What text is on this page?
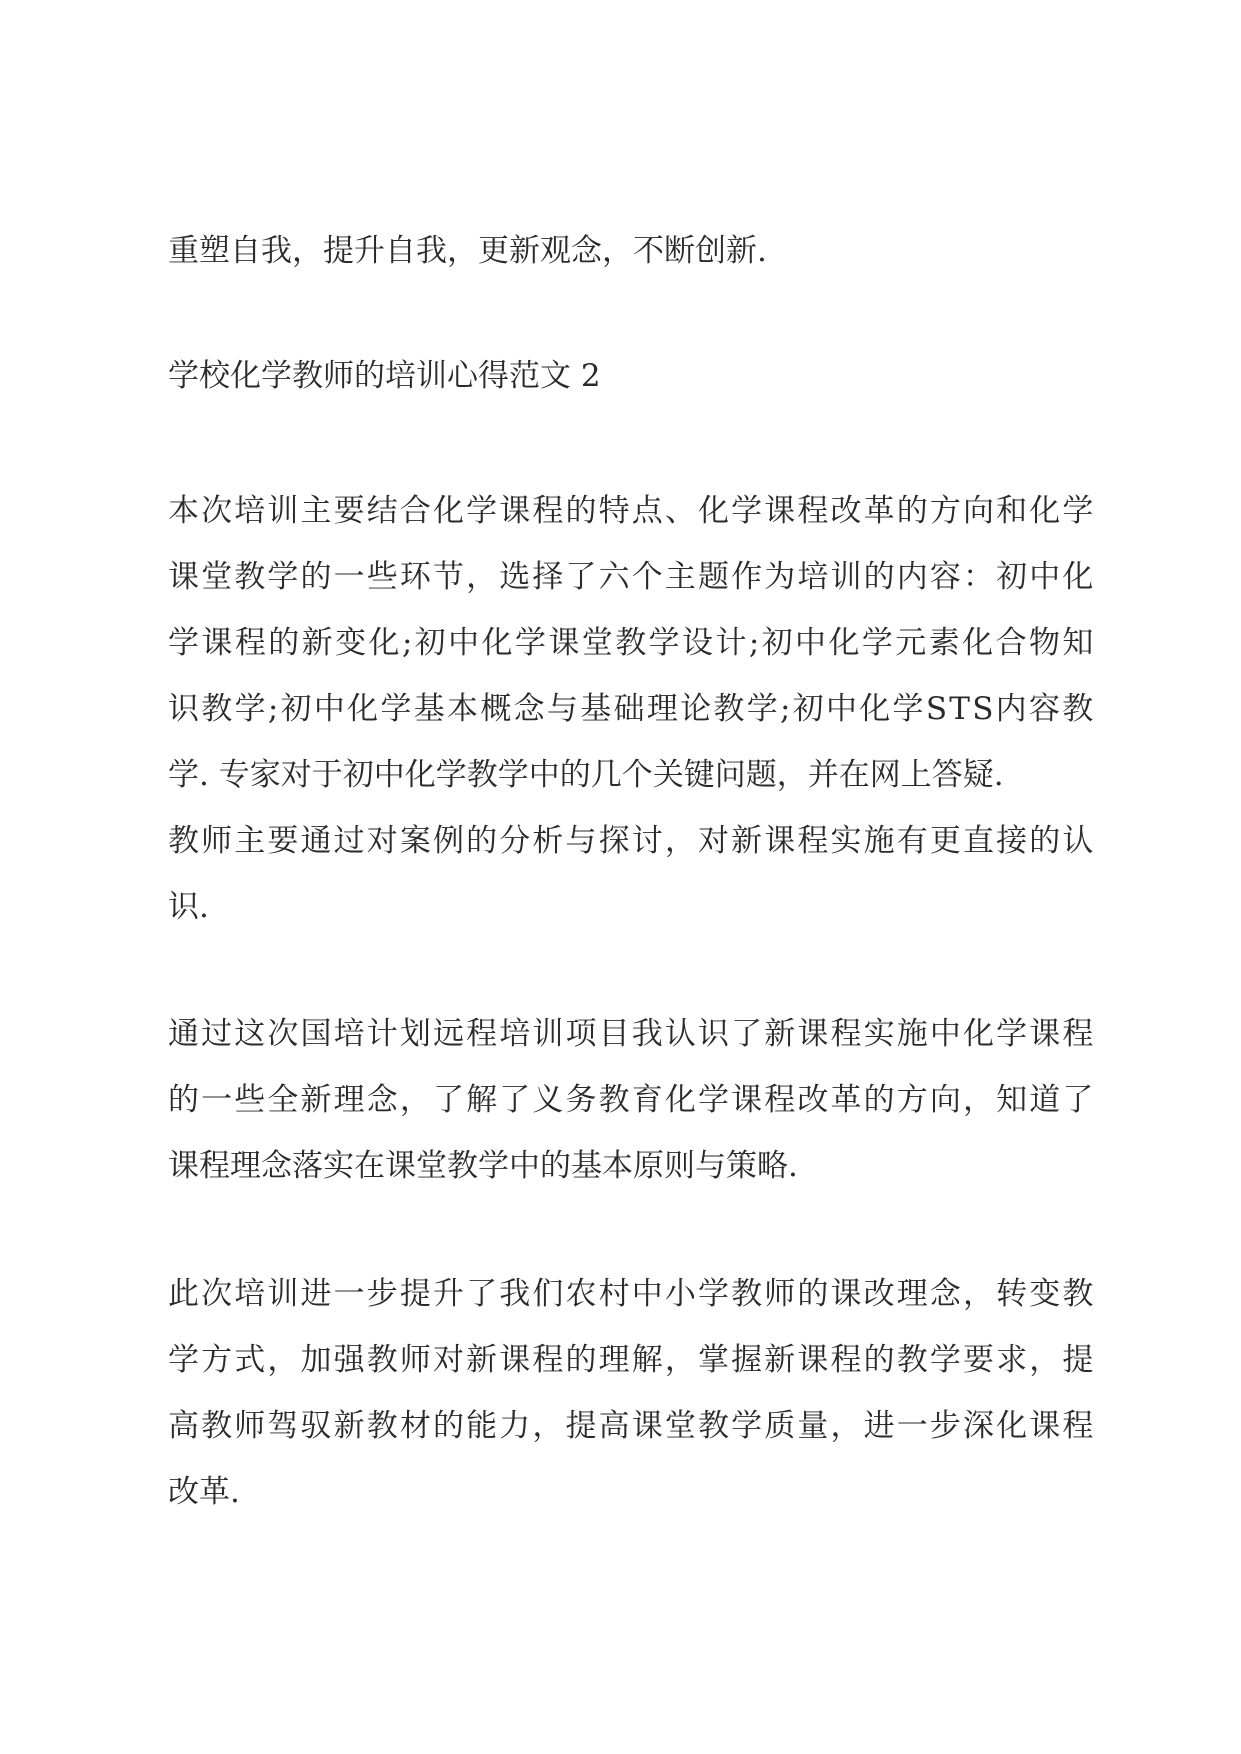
重塑自我，提升自我，更新观念，不断创新.

学校化学教师的培训心得范文 2

本 次 培 训 主 要 结 合 化 学 课 程 的 特 点 、 化 学 课 程 改 革 的 方 向 和 化 学
课 堂 教 学 的 一 些 环 节 ， 选 择 了 六 个 主 题 作 为 培 训 的 内 容 ： 初 中 化
学 课 程 的 新 变 化 ; 初 中 化 学 课 堂 教 学 设 计 ; 初 中 化 学 元 素 化 合 物 知
识 教 学 ; 初 中 化 学 基 本 概 念 与 基 础 理 论 教 学 ; 初 中 化 学 S T S 内 容 教
学. 专家对于初中化学教学中的几个关键问题，并在网上答疑.
教 师 主 要 通 过 对 案 例 的 分 析 与 探 讨 ， 对 新 课 程 实 施 有 更 直 接 的 认
识.

通 过 这 次 国 培 计 划 远 程 培 训 项 目 我 认 识 了 新 课 程 实 施 中 化 学 课 程
的 一 些 全 新 理 念 ， 了 解 了 义 务 教 育 化 学 课 程 改 革 的 方 向 ， 知 道 了
课程理念落实在课堂教学中的基本原则与策略.

此 次 培 训 进 一 步 提 升 了 我 们 农 村 中 小 学 教 师 的 课 改 理 念 ， 转 变 教
学 方 式 ， 加 强 教 师 对 新 课 程 的 理 解 ， 掌 握 新 课 程 的 教 学 要 求 ， 提
高 教 师 驾 驭 新 教 材 的 能 力 ， 提 高 课 堂 教 学 质 量 ， 进 一 步 深 化 课 程
改革.
